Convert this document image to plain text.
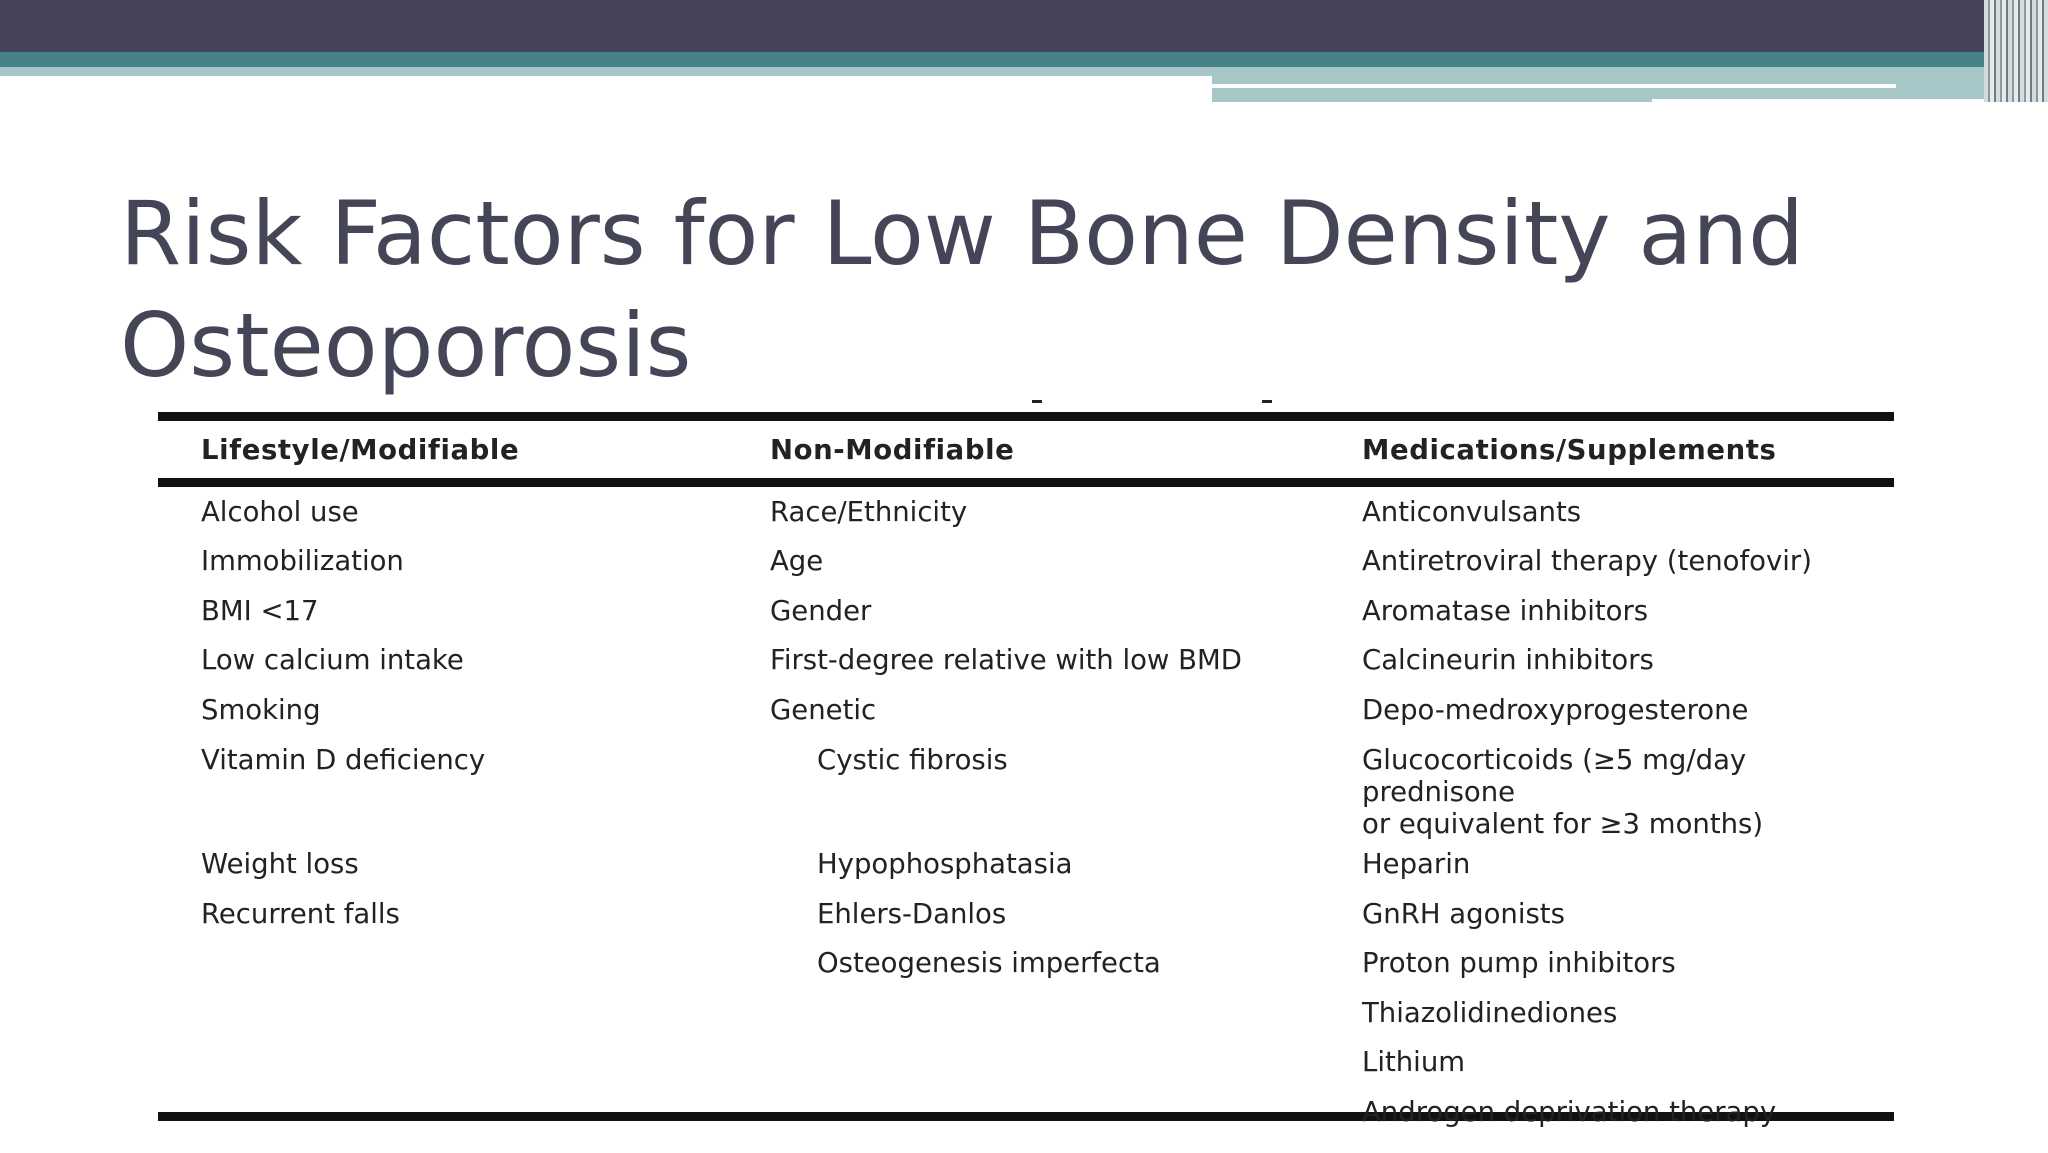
Risk Factors for Low Bone Density and
Osteoporosis
Lifestyle/Modifiable	Non-Modifiable	Medications/Supplements

Alcohol use	Race/Ethnicity	Anticonvulsants
Immobilization	Age	Antiretroviral therapy (tenofovir)
BMI <17	Gender	Aromatase inhibitors
Low calcium intake	First-degree relative with low BMD	Calcineurin inhibitors
Smoking	Genetic	Depo-medroxyprogesterone
Vitamin D deficiency	Cystic fibrosis	Glucocorticoids (≥5 mg/day prednisone
or equivalent for ≥3 months)
Weight loss	Hypophosphatasia	Heparin
Recurrent falls	Ehlers-Danlos	GnRH agonists
	Osteogenesis imperfecta	Proton pump inhibitors
		Thiazolidinediones
		Lithium
		Androgen deprivation therapy
